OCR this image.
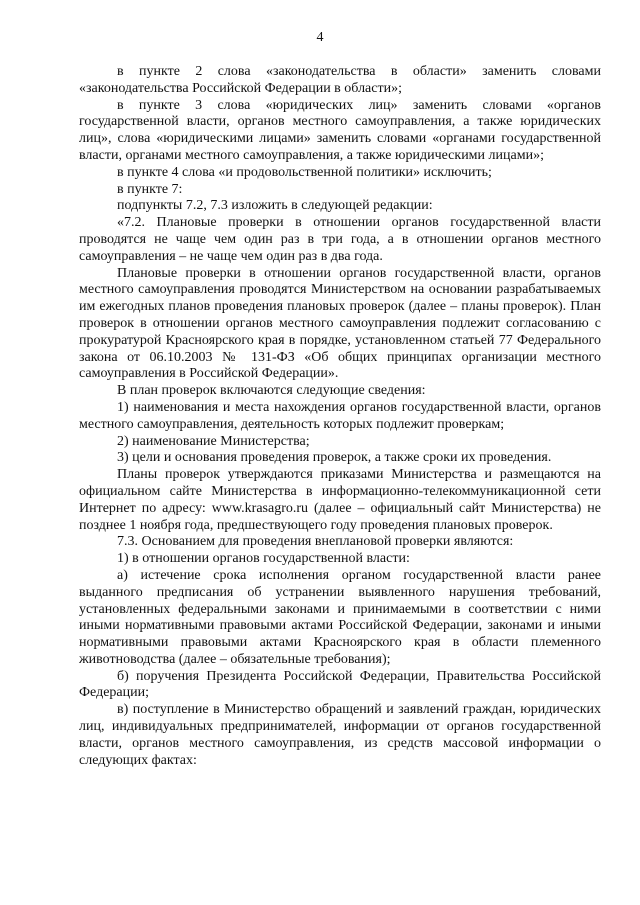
4

в пункте 2 слова «законодательства в области» заменить словами «законодательства Российской Федерации в области»;

в пункте 3 слова «юридических лиц» заменить словами «органов государственной власти, органов местного самоуправления, а также юридических лиц», слова «юридическими лицами» заменить словами «органами государственной власти, органами местного самоуправления, а также юридическими лицами»;

в пункте 4 слова «и продовольственной политики» исключить;

в пункте 7:

подпункты 7.2, 7.3 изложить в следующей редакции:

«7.2. Плановые проверки в отношении органов государственной власти проводятся не чаще чем один раз в три года, а в отношении органов местного самоуправления – не чаще чем один раз в два года.

Плановые проверки в отношении органов государственной власти, органов местного самоуправления проводятся Министерством на основании разрабатываемых им ежегодных планов проведения плановых проверок (далее – планы проверок). План проверок в отношении органов местного самоуправления подлежит согласованию с прокуратурой Красноярского края в порядке, установленном статьей 77 Федерального закона от 06.10.2003 № 131-ФЗ «Об общих принципах организации местного самоуправления в Российской Федерации».

В план проверок включаются следующие сведения:

1) наименования и места нахождения органов государственной власти, органов местного самоуправления, деятельность которых подлежит проверкам;

2) наименование Министерства;

3) цели и основания проведения проверок, а также сроки их проведения.

Планы проверок утверждаются приказами Министерства и размещаются на официальном сайте Министерства в информационно-телекоммуникационной сети Интернет по адресу: www.krasagro.ru (далее – официальный сайт Министерства) не позднее 1 ноября года, предшествующего году проведения плановых проверок.

7.3. Основанием для проведения внеплановой проверки являются:

1) в отношении органов государственной власти:

а) истечение срока исполнения органом государственной власти ранее выданного предписания об устранении выявленного нарушения требований, установленных федеральными законами и принимаемыми в соответствии с ними иными нормативными правовыми актами Российской Федерации, законами и иными нормативными правовыми актами Красноярского края в области племенного животноводства (далее – обязательные требования);

б) поручения Президента Российской Федерации, Правительства Российской Федерации;

в) поступление в Министерство обращений и заявлений граждан, юридических лиц, индивидуальных предпринимателей, информации от органов государственной власти, органов местного самоуправления, из средств массовой информации о следующих фактах:
